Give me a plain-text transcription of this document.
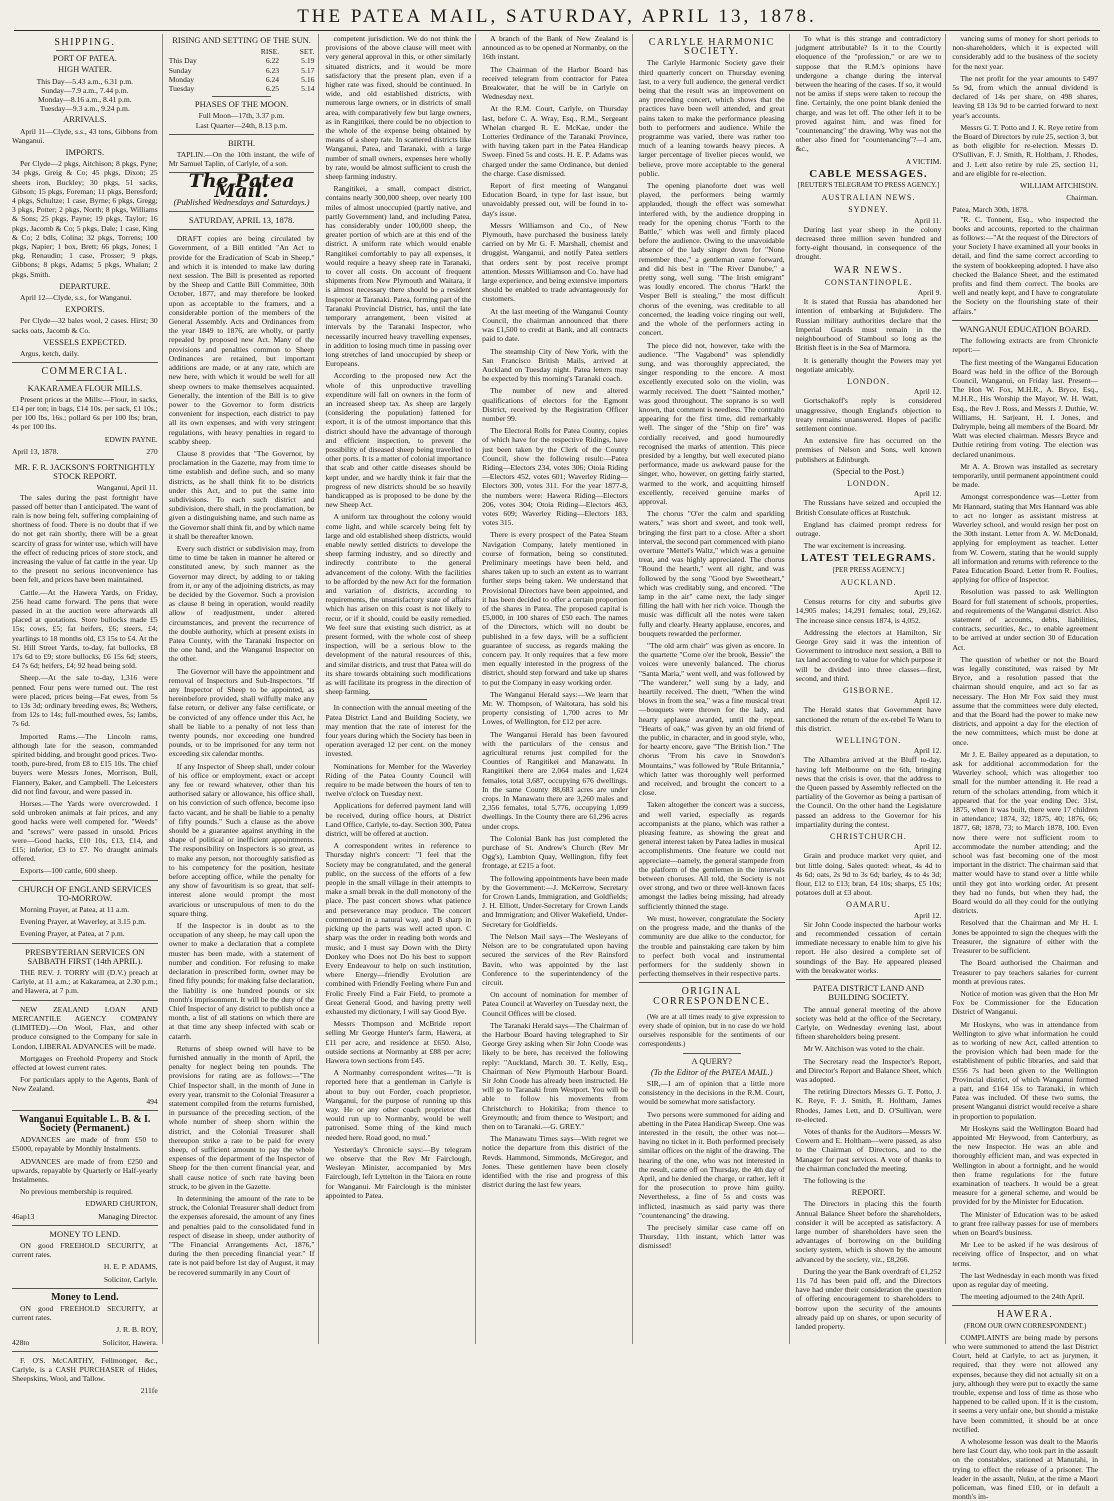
THE PATEA MAIL, SATURDAY, APRIL 13, 1878.
SHIPPING.
PORT OF PATEA.
HIGH WATER.
This Day—5.43 a.m., 6.31 p.m.
Sunday—7.9 a.m., 7.44 p.m.
Monday—8.16 a.m., 8.41 p.m.
Tuesday—9.3 a.m., 9.24 p.m.
ARRIVALS.

April 11—Clyde, s.s., 43 tons, Gibbons from Wanganui.

IMPORTS.

Per Clyde—2 pkgs, Aitchison; 8 pkgs, Pyne; 34 pkgs, Greig & Co; 45 pkgs, Dixon; 25 sheets iron, Buckley; 30 pkgs, 51 sacks, Gibson; 15 pkgs, Foreman; 11 pkgs, Beresford; 4 pkgs, Schultze; 1 case, Byrne; 6 pkgs, Gregg; 3 pkgs, Potter; 2 pkgs, North; 8 pkgs, Williams & Sons; 25 pkgs, Payne; 19 pkgs, Taylor; 16 pkgs, Jacomb & Co; 5 pkgs, Dale; 1 case, King & Co; 2 bdls, Colina; 32 pkgs, Torrens; 100 pkgs, Napier; 1 box, Brett; 66 pkgs, Jones; 1 pkg, Renaudin; 1 case, Prosser; 9 pkgs, Gibbons; 8 pkgs, Adams; 5 pkgs, Whalan; 2 pkgs, Smith.

DEPARTURE.

April 12—Clyde, s.s., for Wanganui.

EXPORTS.

Per Clyde—32 bales wool, 2 cases. Hirst; 30 sacks oats, Jacomb & Co.

VESSELS EXPECTED.

Argus, ketch, daily.

COMMERCIAL.
KAKARAMEA FLOUR MILLS.

Present prices at the Mills:—Flour, in sacks, £14 per ton; in bags, £14 10s. per sack, £1 10s.; per 100 lbs, 16s.; pollard 6s per 100 lbs; bran, 4s per 100 lbs.

EDWIN PAYNE.
April 13, 1878.	270
MR. F. R. JACKSON'S FORTNIGHTLY STOCK REPORT.
Wanganui, April 11.

The sales during the past fortnight have passed off better than I anticipated. The want of rain is now being felt, suffering complaining of shortness of food. There is no doubt that if we do not get rain shortly, there will be a great scarcity of grass for winter use, which will have the effect of reducing prices of store stock, and increasing the value of fat cattle in the year. Up to the present no serious inconvenience has been felt, and prices have been maintained.

Cattle.—At the Hawera Yards, on Friday, 256 head came forward. The pens that were passed in at the auction were afterwards all placed at quotations. Store bullocks made £5 15s; cows, £5; fat heifers, £6; steers, £4; yearlings to 18 months old, £3 15s to £4. At the St. Hill Street Yards, to-day, fat bullocks, £8 17s 6d to £9; store bullocks, £6 15s 6d; steers, £4 7s 6d; heifers, £4; 92 head being sold.

Sheep.—At the sale to-day, 1,316 were penned. Four pens were turned out. The rest were placed, prices being—Fat ewes, from 5s to 13s 3d; ordinary breeding ewes, 8s; Wethers, from 12s to 14s; full-mouthed ewes, 5s; lambs, 7s 6d.

Imported Rams.—The Lincoln rams, although late for the season, commanded spirited bidding, and brought good prices. Two-tooth, pure-bred, from £8 to £15 10s. The chief buyers were Messrs Jones, Morrison, Bull, Flannery, Baker, and Campbell. The Leicesters did not find favour, and were passed in.

Horses.—The Yards were overcrowded. I sold unbroken animals at fair prices, and any good hacks were well competed for. "Weeds" and "screws" were passed in unsold. Prices were—Good hacks, £10 10s, £13, £14, and £15; inferior, £3 to £7. No draught animals offered.

Exports—100 cattle, 600 sheep.

CHURCH OF ENGLAND SERVICES TO-MORROW.

Morning Prayer, at Patea, at 11 a.m.

Evening Prayer, at Waverley, at 3.15 p.m.

Evening Prayer, at Patea, at 7 p.m.

PRESBYTERIAN SERVICES ON SABBATH FIRST (14th APRIL).

THE REV. J. TORRY will (D.V.) preach at Carlyle, at 11 a.m.; at Kakaramea, at 2.30 p.m.; and Hawera, at 7 p.m.

NEW ZEALAND LOAN AND MERCANTILE AGENCY COMPANY (LIMITED).—On Wool, Flax, and other produce consigned to the Company for sale in London, LIBERAL ADVANCES will be made.

Mortgages on Freehold Property and Stock effected at lowest current rates.

For particulars apply to the Agents, Bank of New Zealand.

494
Wanganui Equitable L. B. & I. Society (Permanent.)

ADVANCES are made of from £50 to £5000, repayable by Monthly Instalments.

ADVANCES are made of from £250 and upwards, repayable by Quarterly or Half-yearly Instalments.

No previous membership is required.

EDWARD CHURTON,
46ap13	Managing Director.
MONEY TO LEND.

ON good FREEHOLD SECURITY, at current rates.

H. E. P. ADAMS,
Solicitor, Carlyle.
Money to Lend.

ON good FREEHOLD SECURITY, at current rates.

J. R. B. ROY,
428to	Solicitor, Hawera.

F. O'S. McCARTHY, Fellmonger, &c., Carlyle, is a CASH PURCHASER of Hides, Sheepskins, Wool, and Tallow.

211fe
RISING AND SETTING OF THE SUN.
	RISE.	SET.
This Day	6.22	5.19
Sunday	6.23	5.17
Monday	6.24	5.16
Tuesday	6.25	5.14
PHASES OF THE MOON.
Full Moon—17th, 3.37 p.m.
Last Quarter—24th, 8.13 p.m.
BIRTH.

TAPLIN.—On the 10th instant, the wife of Mr Samuel Taplin, of Carlyle, of a son.

The Patea Mail.
(Published Wednesdays and Saturdays.)
SATURDAY, APRIL 13, 1878.

DRAFT copies are being circulated by Government, of a Bill entitled "An Act to provide for the Eradication of Scab in Sheep," and which it is intended to make law during next session. The Bill is presented as reported by the Sheep and Cattle Bill Committee, 30th October, 1877, and may therefore be looked upon as acceptable to the framers, and a considerable portion of the members of the General Assembly. Acts and Ordinances from the year 1849 to 1876, are wholly, or partly repealed by proposed new Act. Many of the provisions and penalties common to Sheep Ordinances are retained, but important additions are made, or at any rate, which are new here, with which it would be well for all sheep owners to make themselves acquainted. Generally, the intention of the Bill is to give power to the Governor to form districts convenient for inspection, each district to pay all its own expenses, and with very stringent regulations, with heavy penalties in regard to scabby sheep.

Clause 8 provides that "The Governor, by proclamation in the Gazette, may from time to time establish and define such, and so many districts, as he shall think fit to be districts under this Act, and to put the same into subdivisions. To each such district and subdivision, there shall, in the proclamation, be given a distinguishing name, and such name as the Governor shall think fit, and by which name it shall be thereafter known.

Every such district or subdivision may, from time to time be taken in manner he altered or constituted anew, by such manner as the Governor may direct, by adding to or taking from it, or any of the adjoining districts, as may be decided by the Governor. Such a provision as clause 8 being in operation, would readily allow of readjustment, under altered circumstances, and prevent the recurrence of the double authority, which at present exists in Patea County, with the Taranaki Inspector on the one hand, and the Wanganui Inspector on the other.

The Governor will have the appointment and removal of Inspectors and Sub-Inspectors. "If any Inspector of Sheep to be appointed, as hereinbefore provided, shall wilfully make any false return, or deliver any false certificate, or be convicted of any offence under this Act, he shall be liable to a penalty of not less than twenty pounds, nor exceeding one hundred pounds, or to be imprisoned for any term not exceeding six calendar months.

If any Inspector of Sheep shall, under colour of his office or employment, exact or accept any fee or reward whatever, other than his authorised salary or allowance, his office shall, on his conviction of such offence, become ipso facto vacant, and he shall be liable to a penalty of fifty pounds." Such a clause as the above should be a guarantee against anything in the shape of political or inefficient appointments. The responsibility on Inspectors is so great, as to make any person, not thoroughly satisfied as to his competency for the position, hesitate before accepting office, while the penalty for any show of favouritism is so great, that self-interest alone would prompt the most avaricious or unscrupulous of men to do the square thing.

If the Inspector is in doubt as to the occupation of any sheep, he may call upon the owner to make a declaration that a complete muster has been made, with a statement of number and condition. For refusing to make declaration in prescribed form, owner may be fined fifty pounds; for making false declaration, the liability is one hundred pounds or six month's imprisonment. It will be the duty of the Chief Inspector of any district to publish once a month, a list of all stations on which there are at that time any sheep infected with scab or catarrh.

Returns of sheep owned will have to be furnished annually in the month of April, the penalty for neglect being ten pounds. The provisions for rating are as follows:—"The Chief Inspector shall, in the month of June in every year, transmit to the Colonial Treasurer a statement compiled from the returns furnished, in pursuance of the preceding section, of the whole number of sheep shorn within the district, and the Colonial Treasurer shall thereupon strike a rate to be paid for every sheep, of sufficient amount to pay the whole expenses of the department of the Inspector of Sheep for the then current financial year, and shall cause notice of such rate having been struck, to be given in the Gazette.

In determining the amount of the rate to be struck, the Colonial Treasurer shall deduct from the expenses aforesaid, the amount of any fines and penalties paid to the consolidated fund in respect of disease in sheep, under authority of "The Financial Arrangements Act, 1876," during the then preceding financial year." If rate is not paid before 1st day of August, it may be recovered summarily in any Court of

competent jurisdiction. We do not think the provisions of the above clause will meet with very general approval in this, or other similarly situated districts, and it would be more satisfactory that the present plan, even if a higher rate was fixed, should be continued. In wide, and old established districts, with numerous large owners, or in districts of small area, with comparatively few but large owners, as in Rangitikei, there could be no objection to the whole of the expense being obtained by means of a sheep rate. In scattered districts like Wanganui, Patea, and Taranaki, with a large number of small owners, expenses here wholly by rate, would be almost sufficient to crush the sheep farming industry.

Rangitikei, a small, compact district, contains nearly 300,000 sheep, over nearly 100 miles of almost unoccupied (partly native, and partly Government) land, and including Patea, has considerably under 100,000 sheep, the greater portion of which are at this end of the district. A uniform rate which would enable Rangitikei comfortably to pay all expenses, it would require a heavy sheep rate in Taranaki, to cover all costs. On account of frequent shipments from New Plymouth and Waitara, it is almost necessary there should be a resident Inspector at Taranaki. Patea, forming part of the Taranaki Provincial District, has, until the late temporary arrangement, been visited at intervals by the Taranaki Inspector, who necessarily incurred heavy travelling expenses, in addition to losing much time in passing over long stretches of land unoccupied by sheep or Europeans.

According to the proposed new Act the whole of this unproductive travelling expenditure will fall on owners in the form of an increased sheep tax. As sheep are largely (considering the population) fattened for export, it is of the utmost importance that this district should have the advantage of thorough and efficient inspection, to prevent the possibility of diseased sheep being travelled to other ports. It is a matter of colonial importance that scab and other cattle diseases should be kept under, and we hardly think it fair that the progress of new districts should be so heavily handicapped as is proposed to be done by the new Sheep Act.

A uniform tax throughout the colony would come light, and while scarcely being felt by large and old established sheep districts, would enable newly settled districts to develope the sheep farming industry, and so directly and indirectly contribute to the general advancement of the colony. With the facilities to be afforded by the new Act for the formation and variation of districts, according to requirements, the unsatisfactory state of affairs which has arisen on this coast is not likely to recur, or if it should, could be easily remedied. We feel sure that existing such district, as at present formed, with the whole cost of sheep inspection, will be a serious blow to the development of the natural resources of this, and similar districts, and trust that Patea will do its share towards obtaining such modifications as will facilitate its progress in the direction of sheep farming.

In connection with the annual meeting of the Patea District Land and Building Society, we may mention that the rate of interest for the four years during which the Society has been in operation averaged 12 per cent. on the money invested.

Nominations for Member for the Waverley Riding of the Patea County Council will require to be made between the hours of ten to twelve o'clock on Tuesday next.

Applications for deferred payment land will be received, during office hours, at District Land Office, Carlyle, to-day. Section 300, Patea district, will be offered at auction.

A correspondent writes in reference to Thursday night's concert: "I feel that the Society may be congratulated, and the general public, on the success of the efforts of a few people in the small village in their attempts to make a small break in the dull monotony of the place. The past concert shows what patience and perseverance may produce. The concert commenced in a natural way, and B sharp in picking up the parts was well acted upon. C sharp was the order in reading both words and music, and I must say Down with the Dirty Donkey who Does not Do his best to support Every Endeavour to help on such institution, where Energy—friendly Evolution are combined with Friendly Feeling where Fun and Frolic Freely Find a Fair Field, to promote a Great General Good, and having pretty well exhausted my dictionary, I will say Good Bye.

Messrs Thompson and McBride report selling Mr George Hunter's farm, Hawera, at £11 per acre, and residence at £650. Also, outside sections at Normanby at £88 per acre; Hawera town sections from £45.

A Normanby correspondent writes—"It is reported here that a gentleman in Carlyle is about to buy out Forder, coach proprietor, Wanganui, for the purpose of running up this way. He or any other coach proprietor that would run up to Normanby, would be well patronised. Some thing of the kind much needed here. Road good, no mud."

Yesterday's Chronicle says:—By telegram we observe that the Rev Mr Fairclough, Wesleyan Minister, accompanied by Mrs Fairclough, left Lyttelton in the Taiora en route for Wanganui. Mr Fairclough is the minister appointed to Patea.

A branch of the Bank of New Zealand is announced as to be opened at Normanby, on the 16th instant.

The Chairman of the Harbor Board has received telegram from contractor for Patea Breakwater, that he will be in Carlyle on Wednesday next.

At the R.M. Court, Carlyle, on Thursday last, before C. A. Wray, Esq., R.M., Sergeant Whelan charged R. E. McKae, under the Lotteries Ordinance of the Taranaki Province, with having taken part in the Patea Handicap Sweep. Fined 5s and costs. H. E. P. Adams was charged under the same Ordinance, but denied the charge. Case dismissed.

Report of first meeting of Wanganui Education Board, in type for last issue, but unavoidably pressed out, will be found in to-day's issue.

Messrs Williamson and Co., of New Plymouth, have purchased the business lately carried on by Mr G. F. Marshall, chemist and druggist, Wanganui, and notify Patea settlers that orders sent by post receive prompt attention. Messrs Williamson and Co. have had large experience, and being extensive importers should be enabled to trade advantageously for customers.

At the last meeting of the Wanganui County Council, the chairman announced that there was £1,500 to credit at Bank, and all contracts paid to date.

The steamship City of New York, with the San Francisco British Mails, arrived at Auckland on Tuesday night. Patea letters may be expected by this morning's Taranaki coach.

The number of new and altered qualifications of electors for the Egmont District, received by the Registration Officer number 99.

The Electoral Rolls for Patea County, copies of which have for the respective Ridings, have just been taken by the Clerk of the County Council, show the following result:—Patea Riding—Electors 234, votes 306; Otoia Riding—Electors 452, votes 601; Waverley Riding—Electors 300, votes 311. For the year 1877-8, the numbers were: Hawera Riding—Electors 206, votes 304; Otoia Riding—Electors 463, votes 609; Waverley Riding—Electors 183, votes 315.

There is every prospect of the Patea Steam Navigation Company, lately mentioned in course of formation, being so constituted. Preliminary meetings have been held, and shares taken up to such an extent as to warrant further steps being taken. We understand that Provisional Directors have been appointed, and it has been decided to offer a certain proportion of the shares in Patea. The proposed capital is £5,000, in 100 shares of £50 each. The names of the Directors, which will no doubt be published in a few days, will be a sufficient guarantee of success, as regards making the concern pay. It only requires that a few more men equally interested in the progress of the district, should step forward and take up shares to put the Company in easy working order.

The Wanganui Herald says:—We learn that Mr. W. Thompson, of Waitotara, has sold his property consisting of 1,700 acres to Mr Lowes, of Wellington, for £12 per acre.

The Wanganui Herald has been favoured with the particulars of the census and agricultural returns just compiled for the Counties of Rangitikei and Manawatu. In Rangitikei there are 2,064 males and 1,624 females, total 3,687, occupying 676 dwellings. In the same County 88,683 acres are under crops. In Manawatu there are 3,260 males and 2,356 females, total 5,776, occupying 1,099 dwellings. In the County there are 61,296 acres under crops.

The Colonial Bank has just completed the purchase of St. Andrew's Church (Rev Mr Ogg's), Lambton Quay, Wellington, fifty feet frontage, at £215 a foot.

The following appointments have been made by the Government:—J. McKerrow, Secretary for Crown Lands, Immigration, and Goldfields; J. H. Elliott, Under-Secretary for Crown Lands and Immigration; and Oliver Wakefield, Under-Secretary for Goldfields.

The Nelson Mail says—The Wesleyans of Nelson are to be congratulated upon having secured the services of the Rev Rainsford Bavin, who was appointed by the last Conference to the superintendency of the circuit.

On account of nomination for member of Patea Council at Waverley on Tuesday next, the Council Offices will be closed.

The Taranaki Herald says—The Chairman of the Harbour Board having telegraphed to Sir George Grey asking when Sir John Coode was likely to be here, has received the following reply: "Auckland, March 30. T. Kelly, Esq., Chairman of New Plymouth Harbour Board. Sir John Coode has already been instructed. He will go to Taranaki from Westport. You will be able to follow his movements from Christchurch to Hokitika; from thence to Greymouth; and from thence to Westport; and then on to Taranaki.—G. GREY."

The Manawatu Times says—With regret we notice the departure from this district of the Revds. Hammond, Simmonds, McGregor, and Jones. These gentlemen have been closely identified with the rise and progress of this district during the last few years.

CARLYLE HARMONIC SOCIETY.

The Carlyle Harmonic Society gave their third quarterly concert on Thursday evening last, to a very full audience, the general verdict being that the result was an improvement on any preceding concert, which shows that the practices have been well attended, and great pains taken to make the performance pleasing both to performers and audience. While the programme was varied, there was rather too much of a leaning towards heavy pieces. A larger percentage of livelier pieces would, we believe, prove more acceptable to the general public.

The opening pianoforte duet was well played, the performers being warmly applauded, though the effect was somewhat interfered with, by the audience dropping in ready for the opening chorus "Forth to the Battle," which was well and firmly placed before the audience. Owing to the unavoidable absence of the lady singer down for "None remember thee," a gentleman came forward, and did his best in "The River Danube," a pretty song, well sung. "The Irish emigrant" was loudly encored. The chorus "Hark! the Vesper Bell is stealing," the most difficult chorus of the evening, was creditable to all concerned, the leading voice ringing out well, and the whole of the performers acting in concert.

The piece did not, however, take with the audience. "The Vagabond" was splendidly sung, and was thoroughly appreciated, the singer responding to the encore. A most excellently executed solo on the violin, was warmly received. The duett "Sainted mother," was good throughout. The soprano is so well known, that comment is needless. The contralto appearing for the first time, did remarkably well. The singer of the "Ship on fire" was cordially received, and good humouredly recognised the marks of attention. This piece presided by a lengthy, but well executed piano performance, made us awkward pause for the singer, who, however, on getting fairly started, warmed to the work, and acquitting himself excellently, received genuine marks of approval.

The chorus "O'er the calm and sparkling waters," was short and sweet, and took well, bringing the first part to a close. After a short interval, the second part commenced with piano overture "Mettel's Waltz," which was a genuine treat, and was highly appreciated. The chorus "Round the hearth," went all right, and was followed by the song "Good bye Sweetheart," which was creditably sung, and encored. "The lamp in the air" came next, the lady singer filling the hall with her rich voice. Though the music was difficult all the notes were taken fully and clearly. Hearty applause, encores, and bouquets rewarded the performer.

"The old arm chair" was given as encore. In the quartette "Come o'er the brook, Bessie" the voices were unevenly balanced. The chorus "Santa Maria," went well, and was followed by "The wanderer," well sung by a lady, and heartily received. The duett, "When the wind blows in from the sea," was a fine musical treat—bouquets were thrown for the lady, and hearty applause awarded, until the repeat. "Hearts of oak," was given by an old friend of the public, in character, and in good style, who, for hearty encore, gave "The British lion." The chorus "From his cave in Snowdon's Mountains," was followed by "Rule Britannia," which latter was thoroughly well performed and received, and brought the concert to a close.

Taken altogether the concert was a success, and well varied, especially as regards accompanists at the piano, which was rather a pleasing feature, as showing the great and general interest taken by Patea ladies in musical accomplishments. One feature we could not appreciate—namely, the general stampede from the platform of the gentlemen in the intervals between choruses. All told, the Society is not over strong, and two or three well-known faces amongst the ladies being missing, had already sufficiently thinned the stage.

We must, however, congratulate the Society on the progress made, and the thanks of the community are due alike to the conductor, for the trouble and painstaking care taken by him to perfect both vocal and instrumental performers for the suddenly shown in perfecting themselves in their respective parts.

ORIGINAL CORRESPONDENCE.

(We are at all times ready to give expression to every shade of opinion, but in no case do we hold ourselves responsible for the sentiments of our correspondents.)

A QUERY?
(To the Editor of the PATEA MAIL.)

SIR,—I am of opinion that a little more consistency in the decisions in the R.M. Court, would be somewhat more satisfactory.

Two persons were summoned for aiding and abetting in the Patea Handicap Sweep. One was interested in the result, the other was not—having no ticket in it. Both performed precisely similar offices on the night of the drawing. The hearing of the one, who was not interested in the result, came off on Thursday, the 4th day of April, and he denied the charge, or rather, left it for the prosecution to prove him guilty. Nevertheless, a fine of 5s and costs was inflicted, inasmuch as said party was there "countenancing" the drawing.

The precisely similar case came off on Thursday, 11th instant, which latter was dismissed!

To what is this strange and contradictory judgment attributable? Is it to the Courtly eloquence of the "profession," or are we to suppose that the R.M.'s opinions have undergone a change during the interval between the hearing of the cases. If so, it would not be amiss if steps were taken to recoup the fine. Certainly, the one point blank denied the charge, and was let off. The other left it to be proved against him, and was fined for "countenancing" the drawing. Why was not the other also fined for "countenancing"?—I am, &c.,

A VICTIM.
CABLE MESSAGES.
[REUTER'S TELEGRAM TO PRESS AGENCY.]
AUSTRALIAN NEWS.
SYDNEY.
April 11.

During last year sheep in the colony decreased three million seven hundred and forty-eight thousand, in consequence of the drought.

WAR NEWS.
CONSTANTINOPLE.
April 9.

It is stated that Russia has abandoned her intention of embarking at Bujukdere. The Russian military authorities declare that the Imperial Guards must remain in the neighbourhood of Stamboul so long as the British fleet is in the Sea of Marmora.

It is generally thought the Powers may yet negotiate amicably.

LONDON.
April 12.

Gortschakoff's reply is considered unaggressive, though England's objection to treaty remains unanswered. Hopes of pacific settlement continue.

An extensive fire has occurred on the premises of Nelson and Sons, well known publishers at Edinburgh.

(Special to the Post.)
LONDON.
April 12.

The Russians have seized and occupied the British Consulate offices at Rustchuk.

England has claimed prompt redress for outrage.

The war excitement is increasing.

LATEST TELEGRAMS.
[PER PRESS AGENCY.]
AUCKLAND.
April 12.

Census returns for city and suburbs give 14,905 males; 14,291 females; total, 29,162. The increase since census 1874, is 4,052.

Addressing the electors at Hamilton, Sir George Grey said it was the intention of Government to introduce next session, a Bill to tax land according to value for which purpose it will be divided into three classes—first, second, and third.

GISBORNE.
April 12.

The Herald states that Government have sanctioned the return of the ex-rebel Te Waru to this district.

WELLINGTON.
April 12.

The Alhambra arrived at the Bluff to-day, having left Melbourne on the 6th, bringing news that the crisis is over, that the address to the Queen passed by Assembly reflected on the partiality of the Governor as being a partisan of the Council. On the other hand the Legislature passed an address to the Governor for his impartiality during the contest.

CHRISTCHURCH.
April 12.

Grain and produce market very quiet, and but little doing. Sales quoted: wheat, 4s 4d to 4s 6d; oats, 2s 9d to 3s 6d; barley, 4s to 4s 3d; flour, £12 to £13; bran, £4 10s; sharps, £5 10s; potatoes dull at £3 about.

OAMARU.
April 12.

Sir John Coode inspected the harbour works and recommended cessation of certain immediate necessary to enable him to give his report. He also desired a complete set of soundings of the Bay. He appeared pleased with the breakwater works.

PATEA DISTRICT LAND AND BUILDING SOCIETY.

The annual general meeting of the above society was held at the office of the Secretary, Carlyle, on Wednesday evening last, about fifteen shareholders being present.

Mr W. Aitchison was voted to the chair.

The Secretary read the Inspector's Report, and Director's Report and Balance Sheet, which was adopted.

The retiring Directors Messrs G. T. Potto, J. K. Reye, F. J. Smith, R. Holtham, James Rhodes, James Lett, and D. O'Sullivan, were re-elected.

Votes of thanks for the Auditors—Messrs W. Cowern and E. Holtham—were passed, as also to the Chairman of Directors, and to the Manager for past services. A vote of thanks to the chairman concluded the meeting.

The following is the

REPORT.

The Directors in placing this the fourth Annual Balance Sheet before the shareholders, consider it will be accepted as satisfactory. A large number of shareholders have seen the advantages of borrowing on the building society system, which is shown by the amount advanced by the society, viz., £8,266.

During the year the Bank overdraft of £1,252 11s 7d has been paid off, and the Directors have had under their consideration the question of offering encouragement to shareholders to borrow upon the security of the amounts already paid up on shares, or upon security of landed property.

vancing sums of money for short periods to non-shareholders, which it is expected will considerably add to the business of the society for the next year.

The net profit for the year amounts to £497 5s 9d, from which the annual dividend is declared of 14s per share, on 498 shares, leaving £8 13s 9d to be carried forward to next year's accounts.

Messrs G. T. Potto and J. K. Reye retire from the Board of Directors by rule 25, section 3, but as both eligible for re-election. Messrs D. O'Sullivan, F. J. Smith, R. Holtham, J. Rhodes, and J. Lett also retire by rule 25, section 11, and are eligible for re-election.

WILLIAM AITCHISON.
Chairman.
Patea, March 30th, 1878.

"R. C. Tonnent, Esq., who inspected the books and accounts, reported to the chairman as follows:—"At the request of the Directors of your Society I have examined all your books in detail, and find the same correct according to the system of bookkeeping adopted. I have also checked the Balance Sheet, and the estimated profits and find them correct. The books are well and neatly kept, and I have to congratulate the Society on the flourishing state of their affairs."

WANGANUI EDUCATION BOARD.

The following extracts are from Chronicle report:—

The first meeting of the Wanganui Education Board was held in the office of the Borough Council, Wanganui, on Friday last. Present—The Hon W. Fox, M.H.R., A. Bryce, Esq., M.H.R., His Worship the Mayor, W. H. Watt, Esq., the Rev J. Ross, and Messrs J. Duthie, W. Williams, H. Sarjeant, H. I. Jones, and Dalrymple, being all members of the Board. Mr Watt was elected chairman. Messrs Bryce and Duthie retiring from voting. The election was declared unanimous.

Mr A. A. Brown was installed as secretary temporarily, until permanent appointment could be made.

Amongst correspondence was—Letter from Mr Hannard, stating that Mrs Hannard was able to act no longer as assistant mistress at Waverley school, and would resign her post on the 30th instant. Letter from A. W. McDonald, applying for employment as teacher. Letter from W. Cowern, stating that he would supply all information and returns with reference to the Patea Education Board. Letter from R. Foulies, applying for office of Inspector.

Resolution was passed to ask Wellington Board for full statement of schools, properties, and requirements of the Wanganui district. Also statement of accounts, debts, liabilities, contracts, securities, &c., to enable agreement to be arrived at under section 30 of Education Act.

The question of whether or not the Board was legally constituted, was raised by Mr Bryce, and a resolution passed that the chairman should enquire, and act so far as necessary. The Hon Mr Fox said they must assume that the committees were duly elected, and that the Board had the power to make new districts, and appoint a day for the election of the new committees, which must be done at once.

Mr J. E. Bailey appeared as a deputation, to ask for additional accommodation for the Waverley school, which was altogether too small for the number attending it. He read a return of the scholars attending, from which it appeared that for the year ending Dec. 31st, 1875, when it was built, there were 17 children in attendance; 1874, 32; 1875, 40; 1876, 66; 1877, 68; 1878, 73; to March 1878, 100. Even now there were not sufficient room to accommodate the number attending; and the school was fast becoming one of the most important in the district. The chairman said that matter would have to stand over a little while until they got into working order. At present they had no funds, but when they had, the Board would do all they could for the outlying districts.

Resolved that the Chairman and Mr H. I. Jones be appointed to sign the cheques with the Treasurer, the signature of either with the Treasurer to be sufficient.

The Board authorised the Chairman and Treasurer to pay teachers salaries for current month at previous rates.

Notice of motion was given that the Hon Mr Fox be Commissioner for the Education District of Wanganui.

Mr Hoskyns, who was in attendance from Wellington to give what information he could as to working of new Act, called attention to the provision which had been made for the establishment of public libraries, and said that £556 7s had been given to the Wellington Provincial district, of which Wanganui formed a part, and £164 15s to Taranaki, in which Patea was included. Of these two sums, the present Wanganui district would receive a share in proportion to population.

Mr Hoskyns said the Wellington Board had appointed Mr Heywood, from Canterbury, as the new Inspector. He was an able and thoroughly efficient man, and was expected in Wellington in about a fortnight, and he would then frame regulations for the future examination of teachers. It would be a great measure for a general scheme, and would be provided for by the Minister for Education.

The Minister of Education was to be asked to grant free railway passes for use of members when on Board's business.

Mr Lee to be asked if he was desirous of receiving office of Inspector, and on what terms.

The last Wednesday in each month was fixed upon as regular day of meeting.

The meeting adjourned to the 24th April.

HAWERA.
(FROM OUR OWN CORRESPONDENT.)

COMPLAINTS are being made by persons who were summoned to attend the last District Court, held at Carlyle, to act as jurymen, it required, that they were not allowed any expenses, because they did not actually sit on a jury, although they were put to exactly the same trouble, expense and loss of time as those who happened to be called upon. If it is the custom, it seems a very unfair one, but should a mistake have been committed, it should be at once rectified.

A wholesome lesson was dealt to the Maoris here last Court day, who took part in the assault on the constables, stationed at Manutahi, in trying to effect the release of a prisoner. The leader in the assault, Nuku, at the time a Maori policeman, was fined £10, or in default a month's im-
